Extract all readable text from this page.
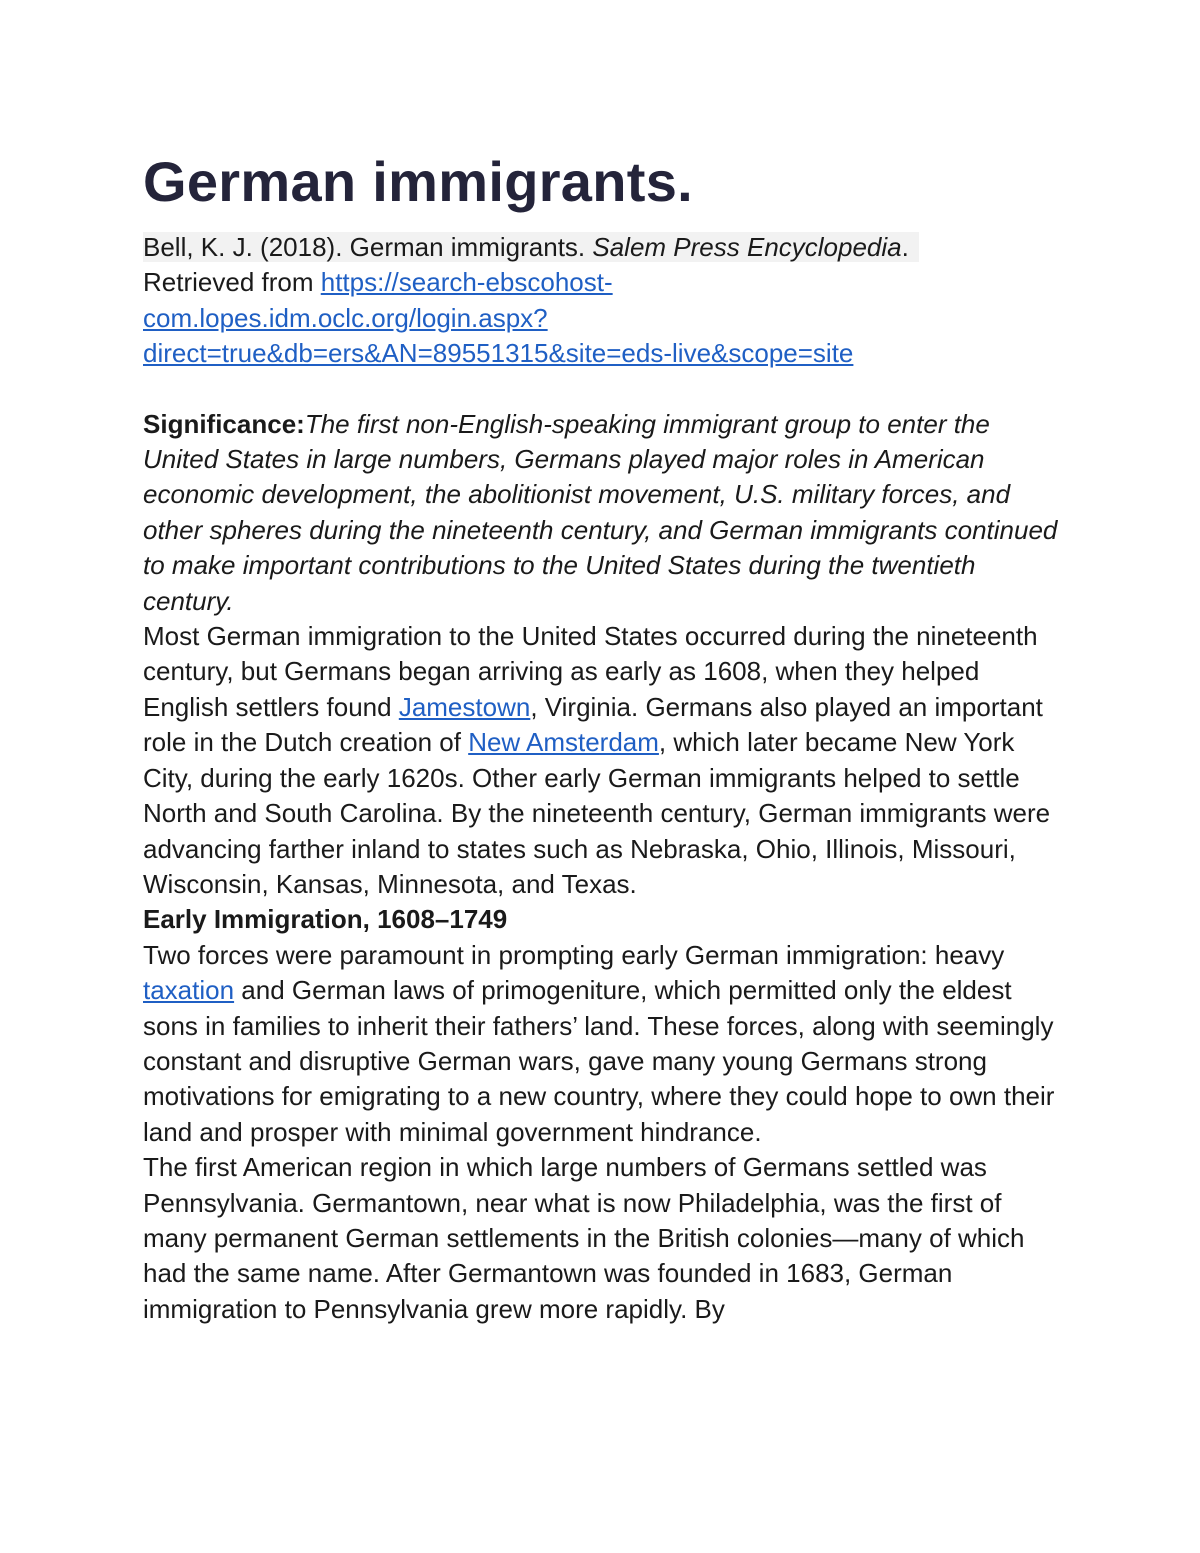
German immigrants.

Bell, K. J. (2018). German immigrants. Salem Press Encyclopedia.
Retrieved from https://search-ebscohost-
com.lopes.idm.oclc.org/login.aspx?
direct=true&db=ers&AN=89551315&site=eds-live&scope=site

Significance:The first non-English-speaking immigrant group to enter the United States in large numbers, Germans played major roles in American economic development, the abolitionist movement, U.S. military forces, and other spheres during the nineteenth century, and German immigrants continued to make important contributions to the United States during the twentieth century.

Most German immigration to the United States occurred during the nineteenth century, but Germans began arriving as early as 1608, when they helped English settlers found Jamestown, Virginia. Germans also played an important role in the Dutch creation of New Amsterdam, which later became New York City, during the early 1620s. Other early German immigrants helped to settle North and South Carolina. By the nineteenth century, German immigrants were advancing farther inland to states such as Nebraska, Ohio, Illinois, Missouri, Wisconsin, Kansas, Minnesota, and Texas.

Early Immigration, 1608–1749

Two forces were paramount in prompting early German immigration: heavy taxation and German laws of primogeniture, which permitted only the eldest sons in families to inherit their fathers’ land. These forces, along with seemingly constant and disruptive German wars, gave many young Germans strong motivations for emigrating to a new country, where they could hope to own their land and prosper with minimal government hindrance.

The first American region in which large numbers of Germans settled was Pennsylvania. Germantown, near what is now Philadelphia, was the first of many permanent German settlements in the British colonies—many of which had the same name. After Germantown was founded in 1683, German immigration to Pennsylvania grew more rapidly. By
